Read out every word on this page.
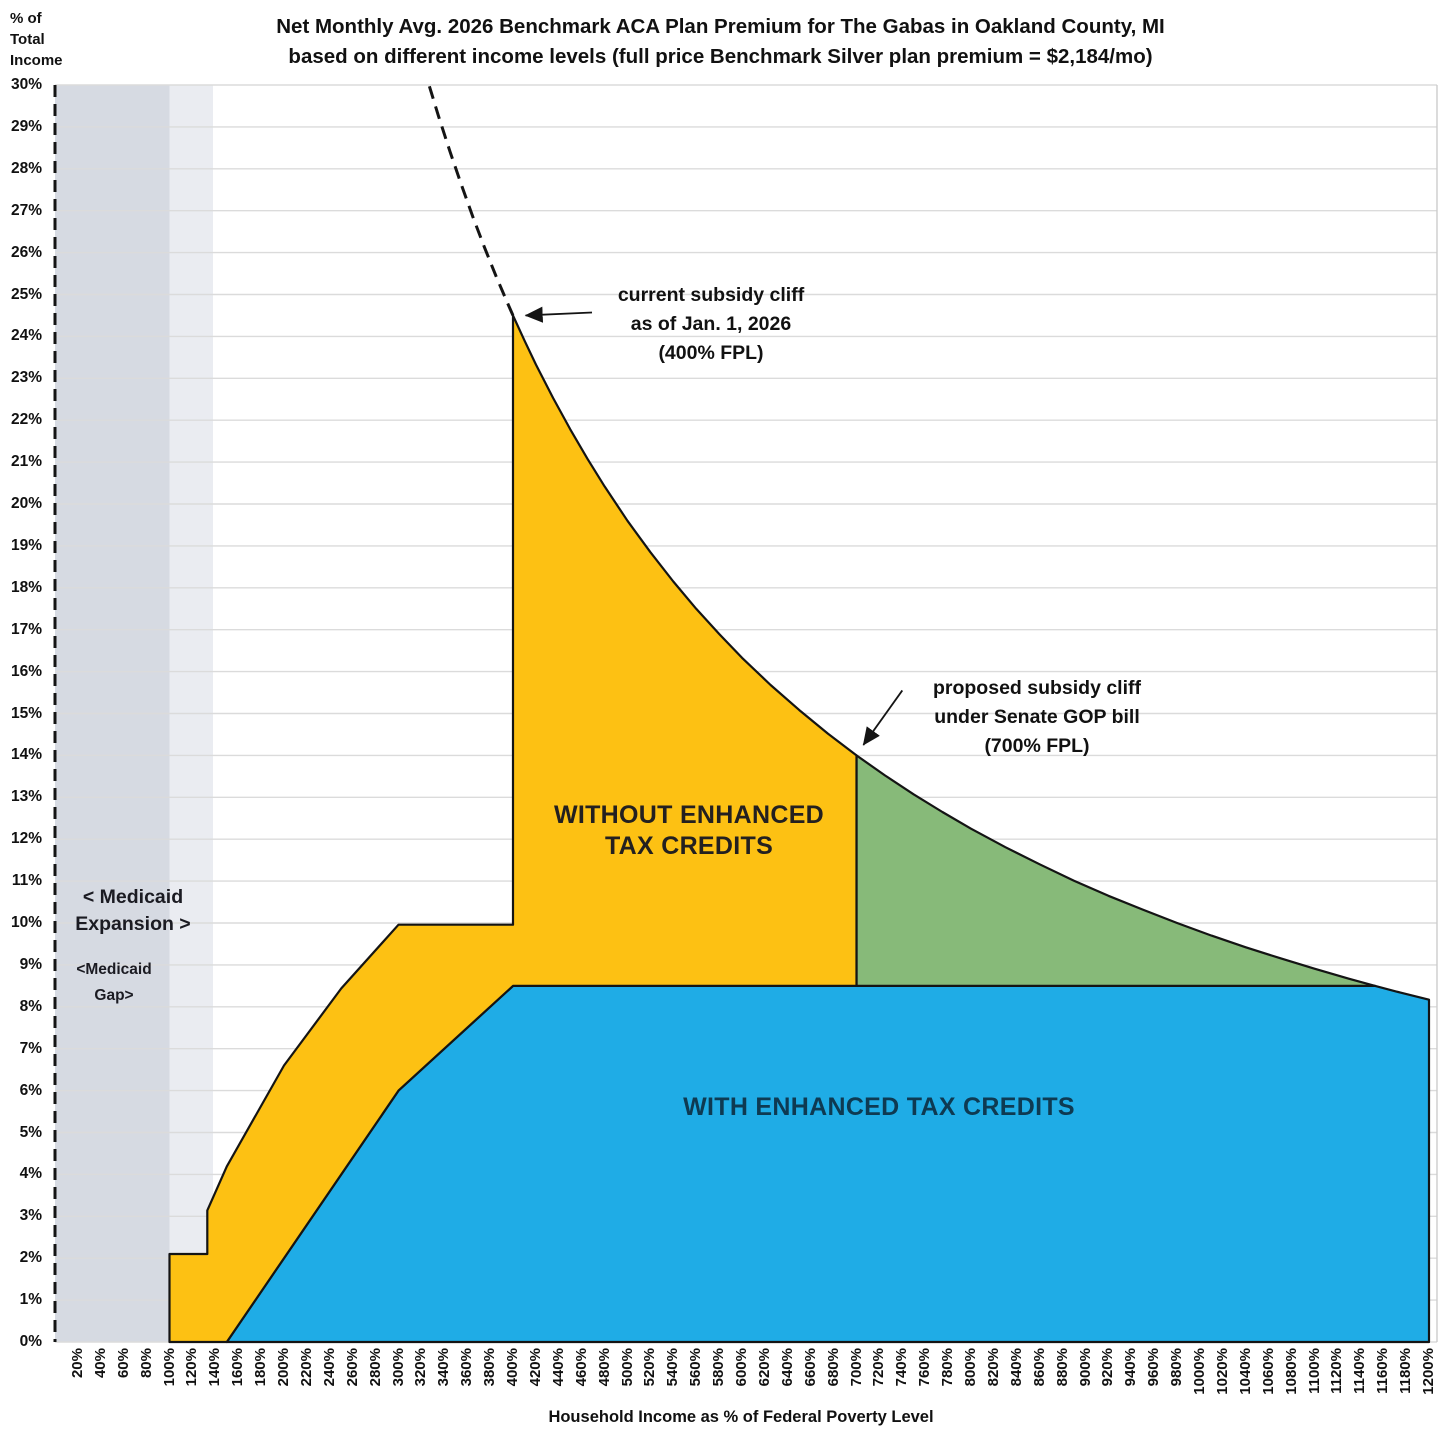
Net Monthly Avg. 2026 Benchmark ACA Plan Premium for The Gabas in Oakland County, MI
based on different income levels (full price Benchmark Silver plan premium = $2,184/mo)
% of
Total
Income
< Medicaid
Expansion >
<Medicaid
Gap>
current subsidy cliff
as of Jan. 1, 2026
(400% FPL)
proposed subsidy cliff
under Senate GOP bill
(700% FPL)
WITHOUT ENHANCED
TAX CREDITS
WITH ENHANCED TAX CREDITS
Household Income as % of Federal Poverty Level
0%
1%
2%
3%
4%
5%
6%
7%
8%
9%
10%
11%
12%
13%
14%
15%
16%
17%
18%
19%
20%
21%
22%
23%
24%
25%
26%
27%
28%
29%
30%
20% 40% 60% 80% 100% 120% 140% 160% 180% 200% 220% 240% 260% 280% 300% 320% 340% 360% 380% 400% 420% 440% 460% 480% 500% 520% 540% 560% 580% 600% 620% 640% 660% 680% 700% 720% 740% 760% 780% 800% 820% 840% 860% 880% 900% 920% 940% 960% 980% 1000% 1020% 1040% 1060% 1080% 1100% 1120% 1140% 1160% 1180% 1200%
